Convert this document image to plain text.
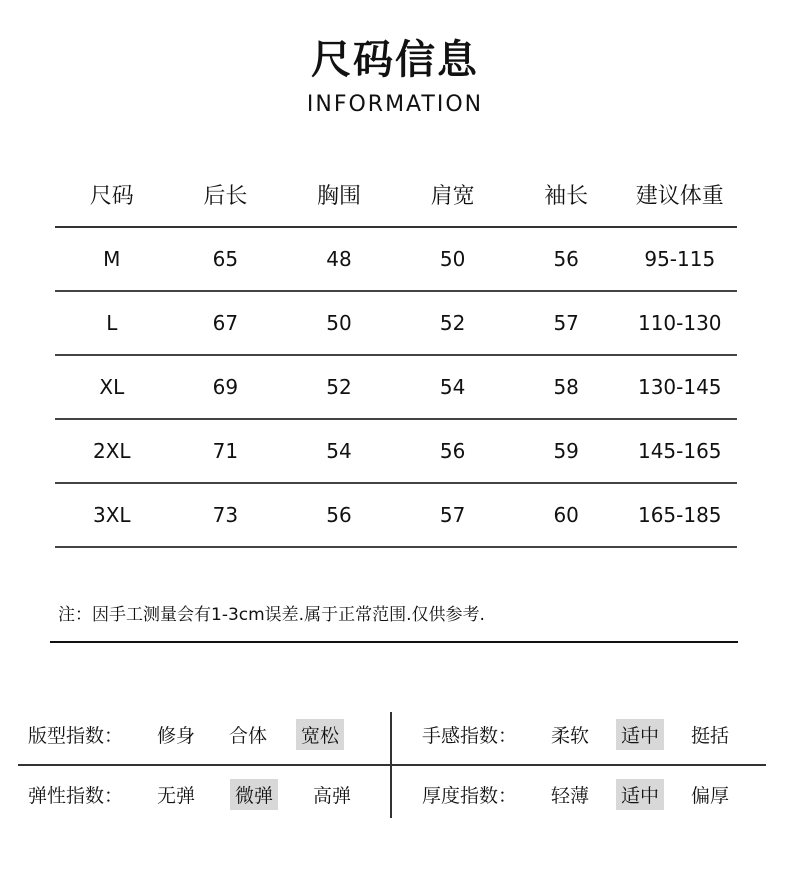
尺码信息
INFORMATION
尺码	后长	胸围	肩宽	袖长	建议体重
M	65	48	50	56	95-115
L	67	50	52	57	110-130
XL	69	52	54	58	130-145
2XL	71	54	56	59	145-165
3XL	73	56	57	60	165-185
注：因手工测量会有1-3cm误差.属于正常范围.仅供参考.
版型指数：	修身 合体 宽松	手感指数：	柔软 适中 挺括
弹性指数：	无弹 微弹 高弹	厚度指数：	轻薄 适中 偏厚
